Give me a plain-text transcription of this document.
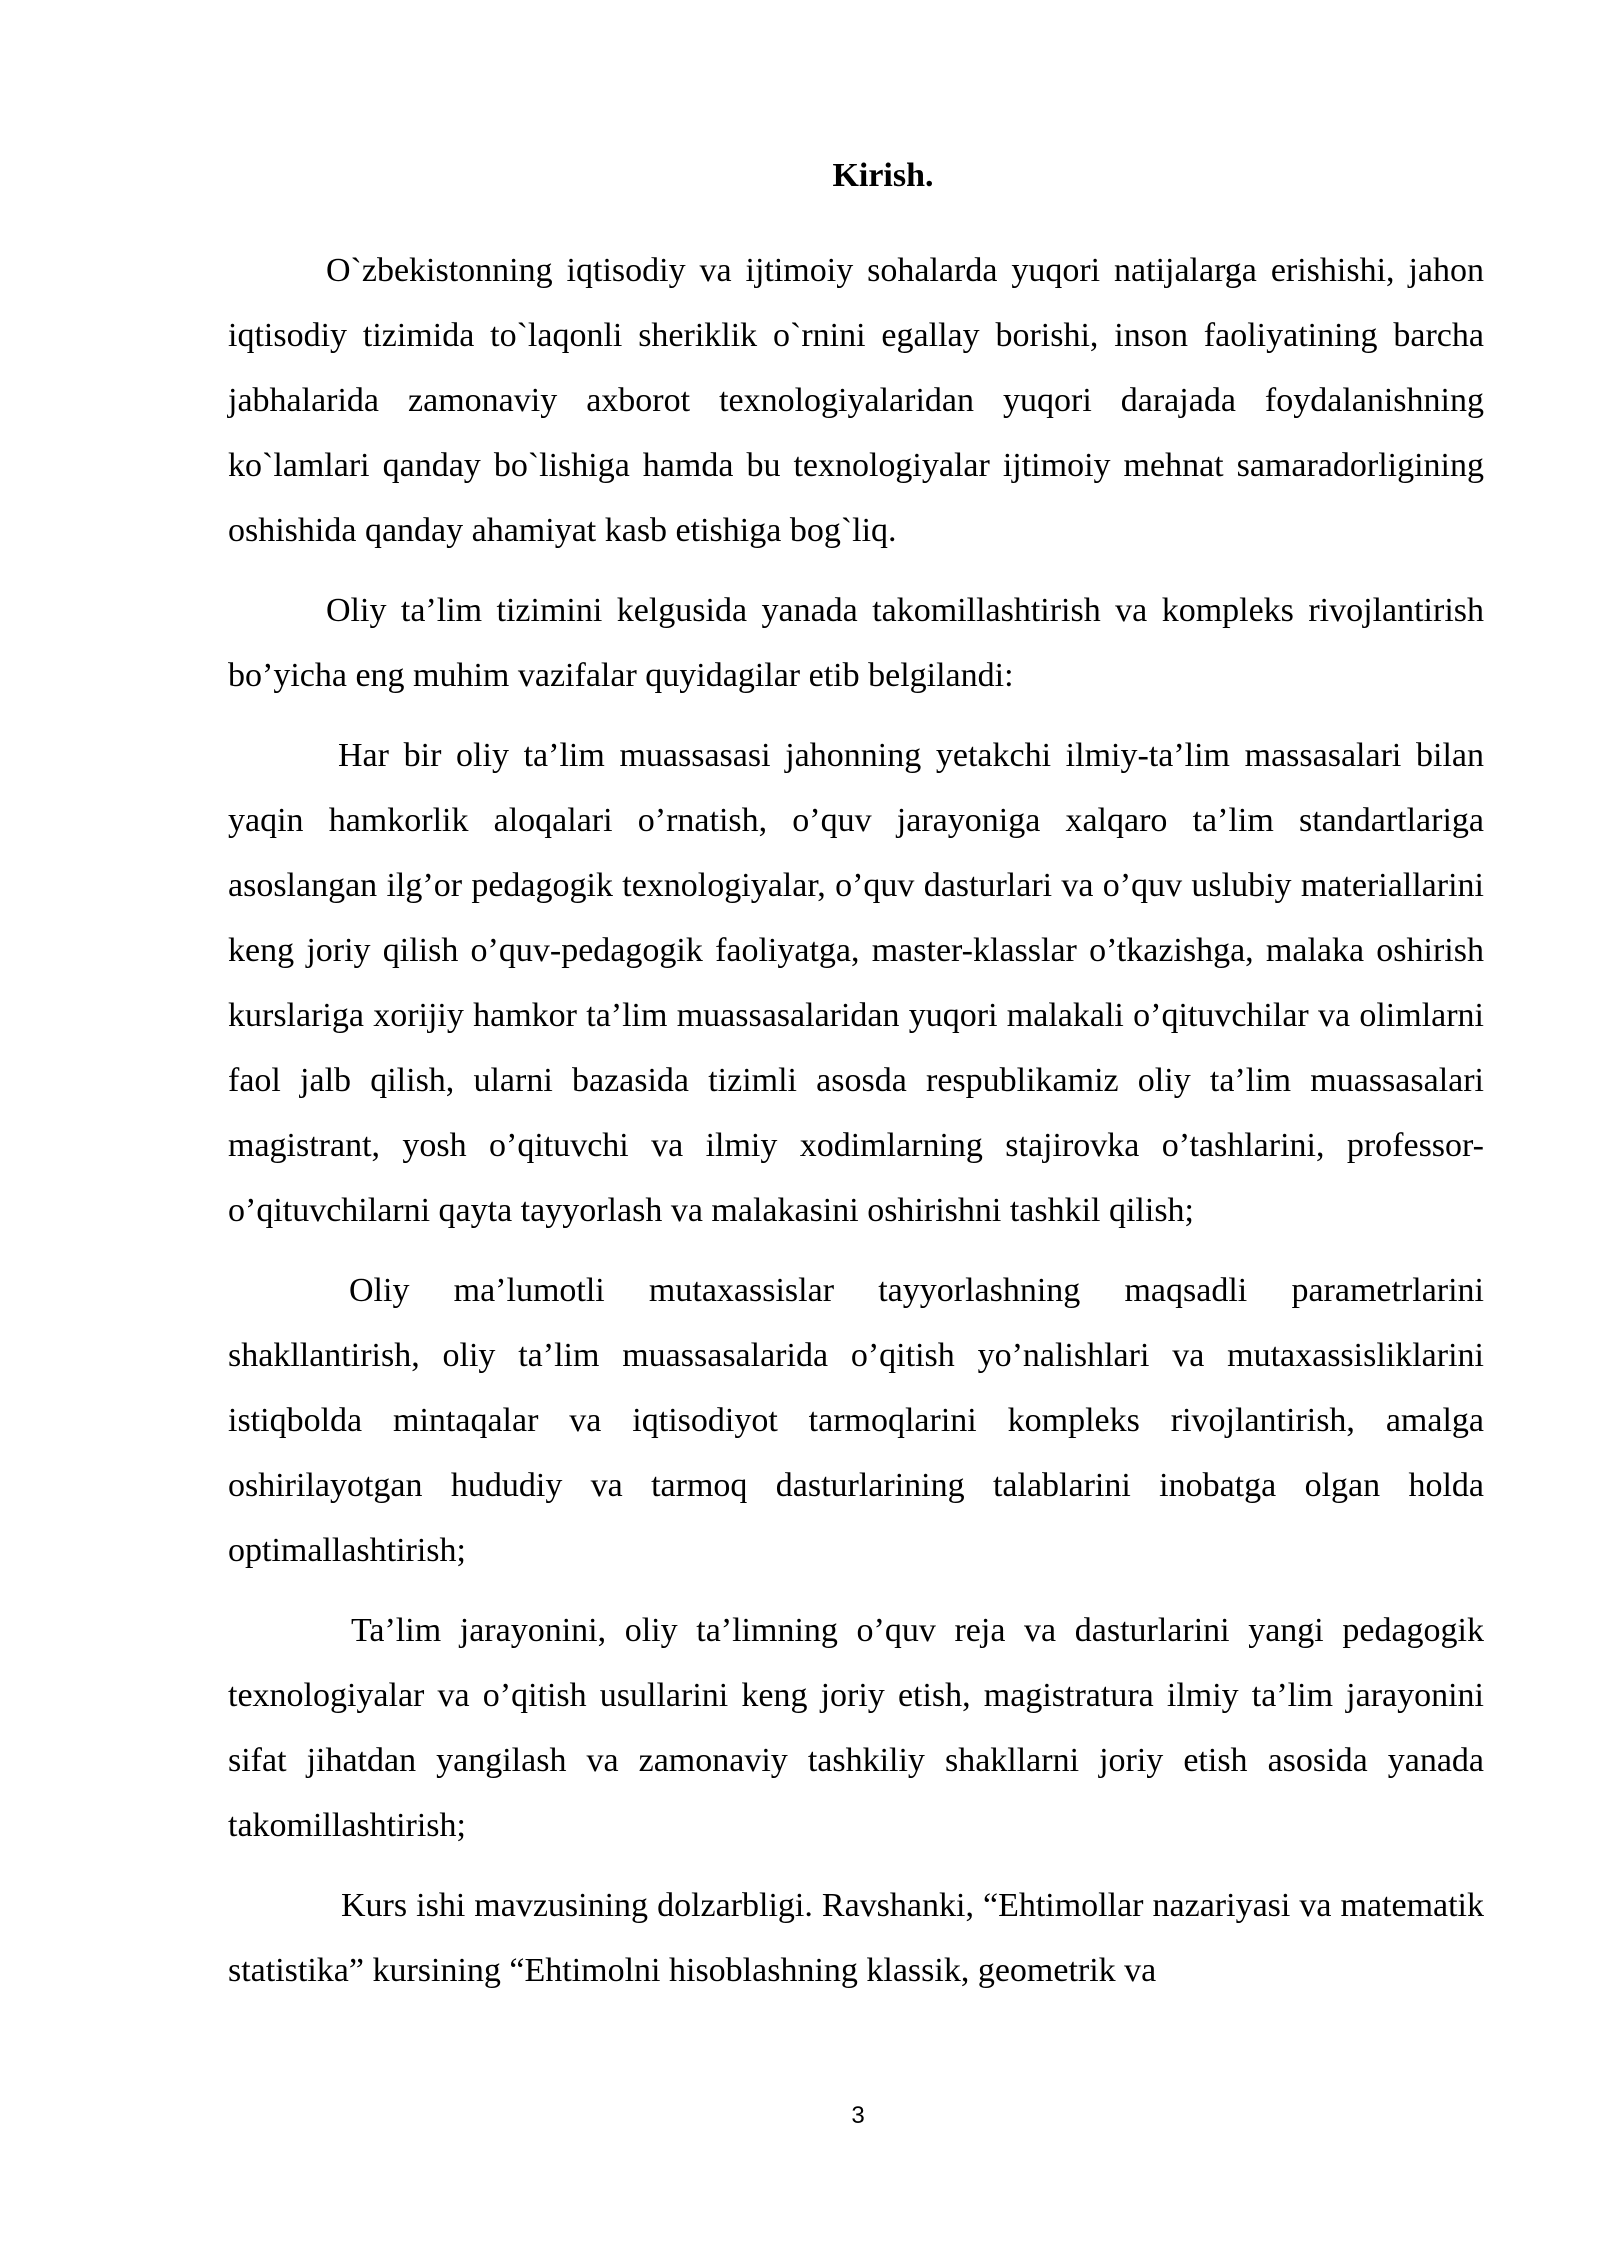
Kirish.

O`zbekistonning iqtisodiy va ijtimoiy sohalarda yuqori natijalarga erishishi, jahon iqtisodiy tizimida to`laqonli sheriklik o`rnini egallay borishi, inson faoliyatining barcha jabhalarida zamonaviy axborot texnologiyalaridan yuqori darajada foydalanishning ko`lamlari qanday bo`lishiga hamda bu texnologiyalar ijtimoiy mehnat samaradorligining oshishida qanday ahamiyat kasb etishiga bog`liq.

Oliy ta’lim tizimini kelgusida yanada takomillashtirish va kompleks rivojlantirish bo’yicha eng muhim vazifalar quyidagilar etib belgilandi:

Har bir oliy ta’lim muassasasi jahonning yetakchi ilmiy-ta’lim massasalari bilan yaqin hamkorlik aloqalari o’rnatish, o’quv jarayoniga xalqaro ta’lim standartlariga asoslangan ilg’or pedagogik texnologiyalar, o’quv dasturlari va o’quv uslubiy materiallarini keng joriy qilish o’quv-pedagogik faoliyatga, master-klasslar o’tkazishga, malaka oshirish kurslariga xorijiy hamkor ta’lim muassasalaridan yuqori malakali o’qituvchilar va olimlarni faol jalb qilish, ularni bazasida tizimli asosda respublikamiz oliy ta’lim muassasalari magistrant, yosh o’qituvchi va ilmiy xodimlarning stajirovka o’tashlarini, professor-o’qituvchilarni qayta tayyorlash va malakasini oshirishni tashkil qilish;

Oliy ma’lumotli mutaxassislar tayyorlashning maqsadli parametrlarini shakllantirish, oliy ta’lim muassasalarida o’qitish yo’nalishlari va mutaxassisliklarini istiqbolda mintaqalar va iqtisodiyot tarmoqlarini kompleks rivojlantirish, amalga oshirilayotgan hududiy va tarmoq dasturlarining talablarini inobatga olgan holda optimallashtirish;

Ta’lim jarayonini, oliy ta’limning o’quv reja va dasturlarini yangi pedagogik texnologiyalar va o’qitish usullarini keng joriy etish, magistratura ilmiy ta’lim jarayonini sifat jihatdan yangilash va zamonaviy tashkiliy shakllarni joriy etish asosida yanada takomillashtirish;

Kurs ishi mavzusining dolzarbligi. Ravshanki, “Ehtimollar nazariyasi va matematik statistika” kursining “Ehtimolni hisoblashning klassik, geometrik va

3
